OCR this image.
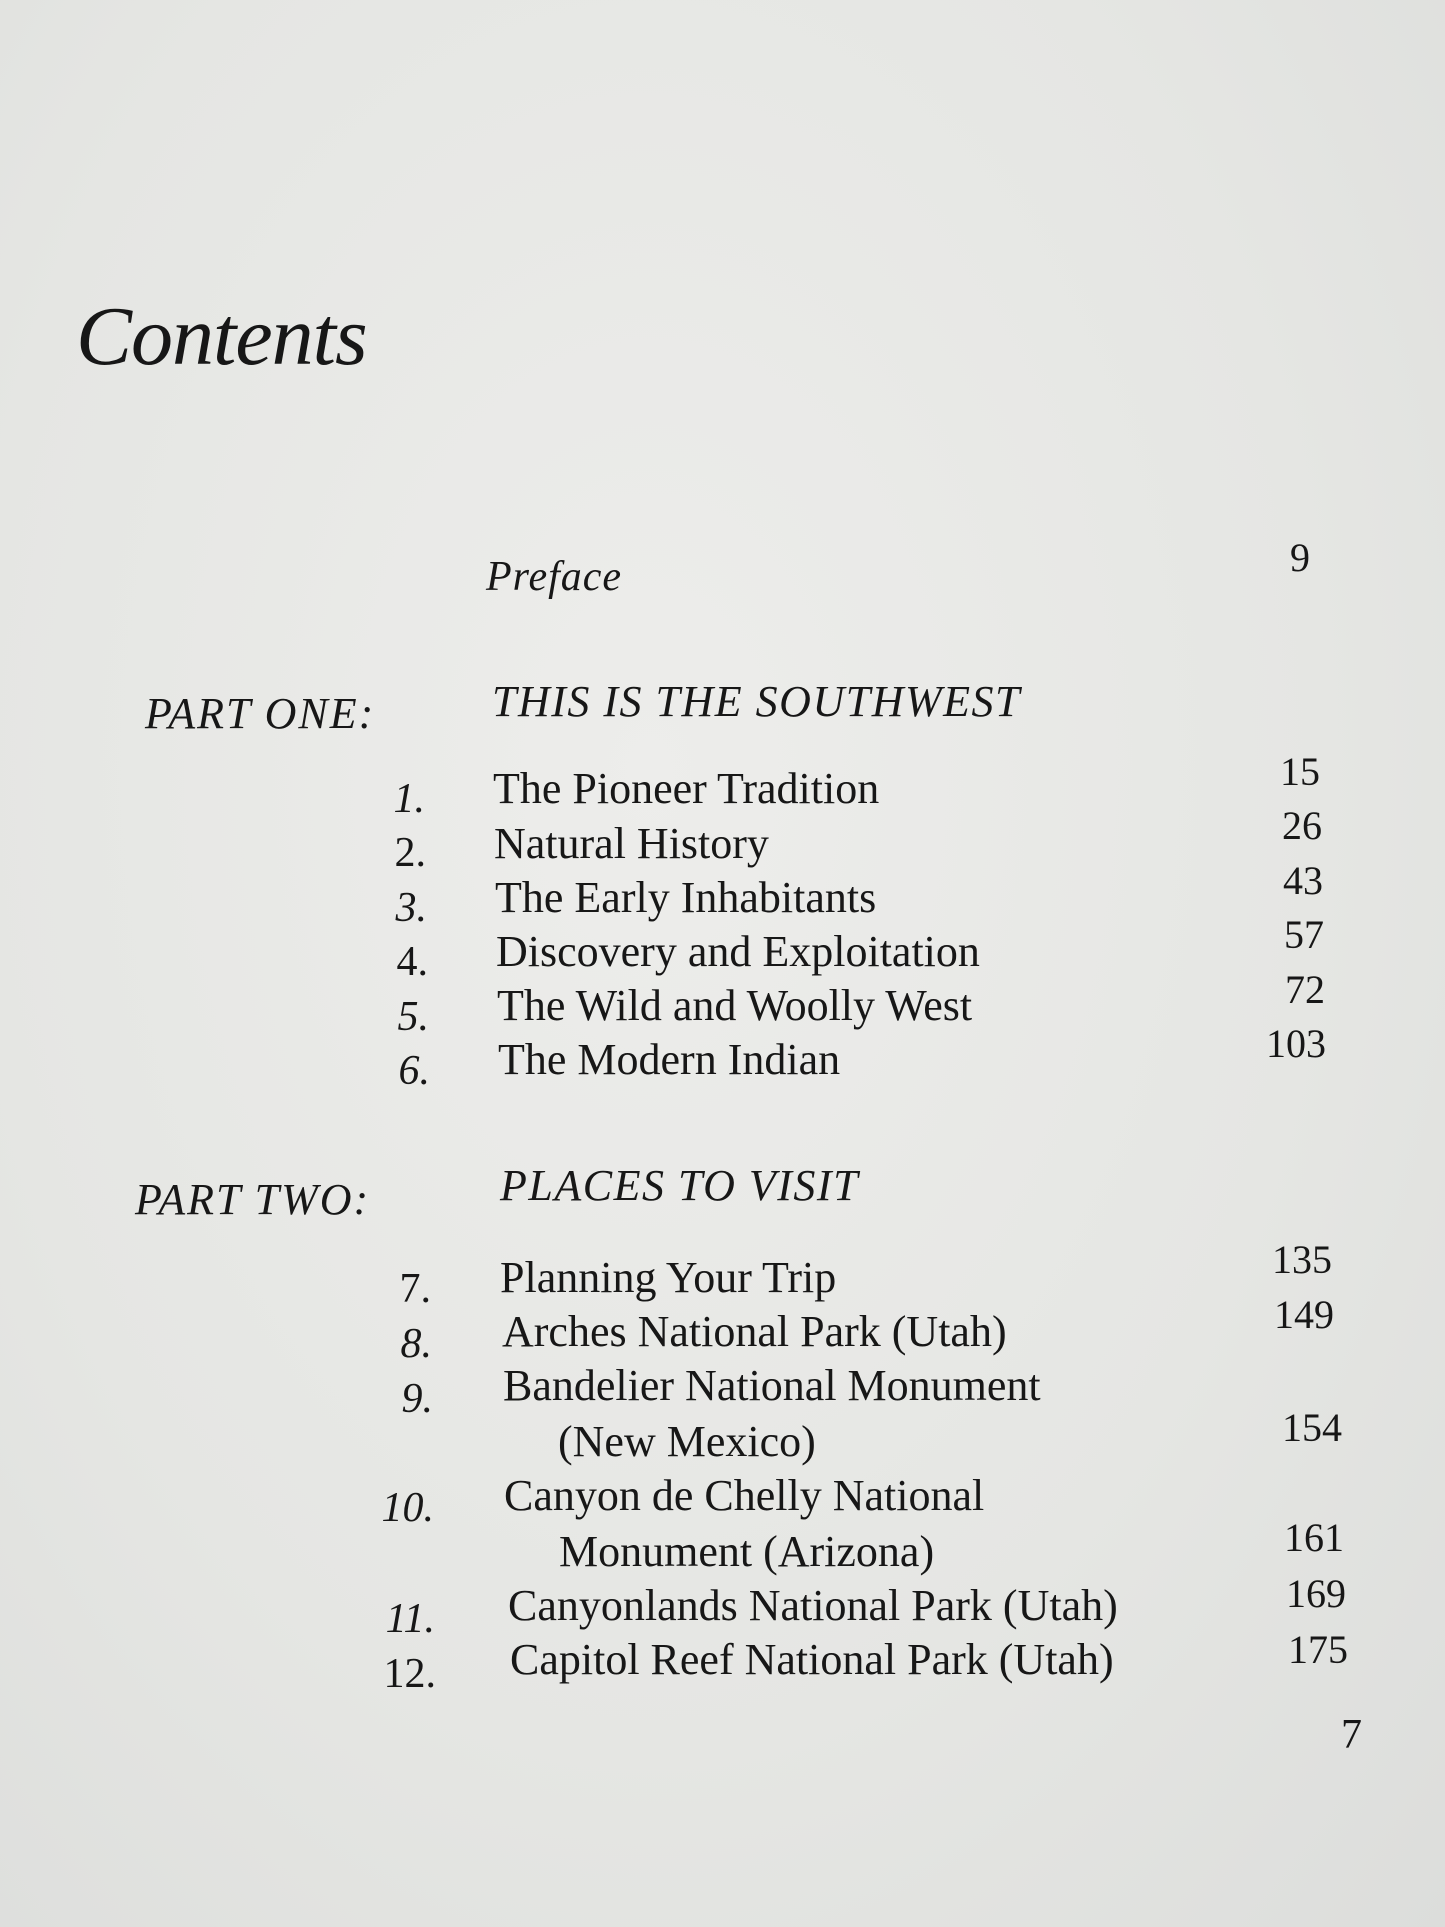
Contents
Preface	9
PART ONE:	THIS IS THE SOUTHWEST
1. The Pioneer Tradition	15
2. Natural History	26
3. The Early Inhabitants	43
4. Discovery and Exploitation	57
5. The Wild and Woolly West	72
6. The Modern Indian	103
PART TWO:	PLACES TO VISIT
7. Planning Your Trip	135
8. Arches National Park (Utah)	149
9. Bandelier National Monument
(New Mexico)	154
10. Canyon de Chelly National
Monument (Arizona)	161
11. Canyonlands National Park (Utah)	169
12. Capitol Reef National Park (Utah)	175
7
